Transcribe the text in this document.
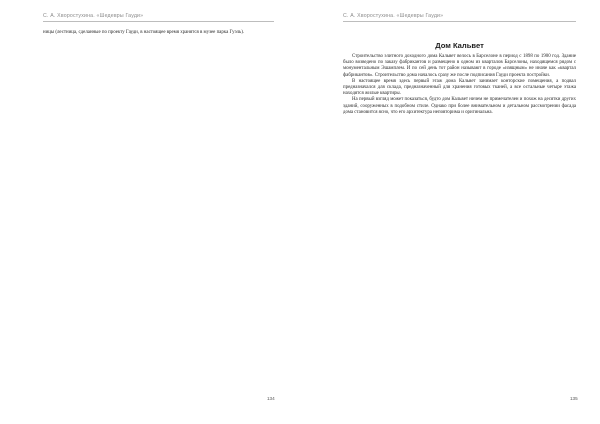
С. А. Хворостухина. «Шедевры Гауди»

ницы (лестница, сделанные по проекту Гауди, в настоящее время хранятся в музее парка Гуэль).

134
С. А. Хворостухина. «Шедевры Гауди»
Дом Кальвет

Строительство элитного доходного дома Кальвет велось в Барселоне в период с 1898 по 1900 год. Здание было возведено по заказу фабрикантов и размещено в одном из кварталов Барселоны, находящемся рядом с монументальным Эшамплем. И по сей день тот район называют в городе «изящным» не иначе как «квартал фабрикантов». Строительство дома началось сразу же после подписания Гауди проекта постройки.

В настоящее время здесь первый этаж дома Кальвет занимает конторские помещения, а подвал предназначался для склада, предназначенный для хранения готовых тканей, а все остальные четыре этажа находятся жилые квартиры.

На первый взгляд может показаться, будто дом Кальвет ничем не примечателен и похож на десятки других зданий, сооруженных в подобном стиле. Однако при более внимательном и детальном рассмотрении фасада дома становится ясно, что его архитектура неповторима и оригинальна.

135
